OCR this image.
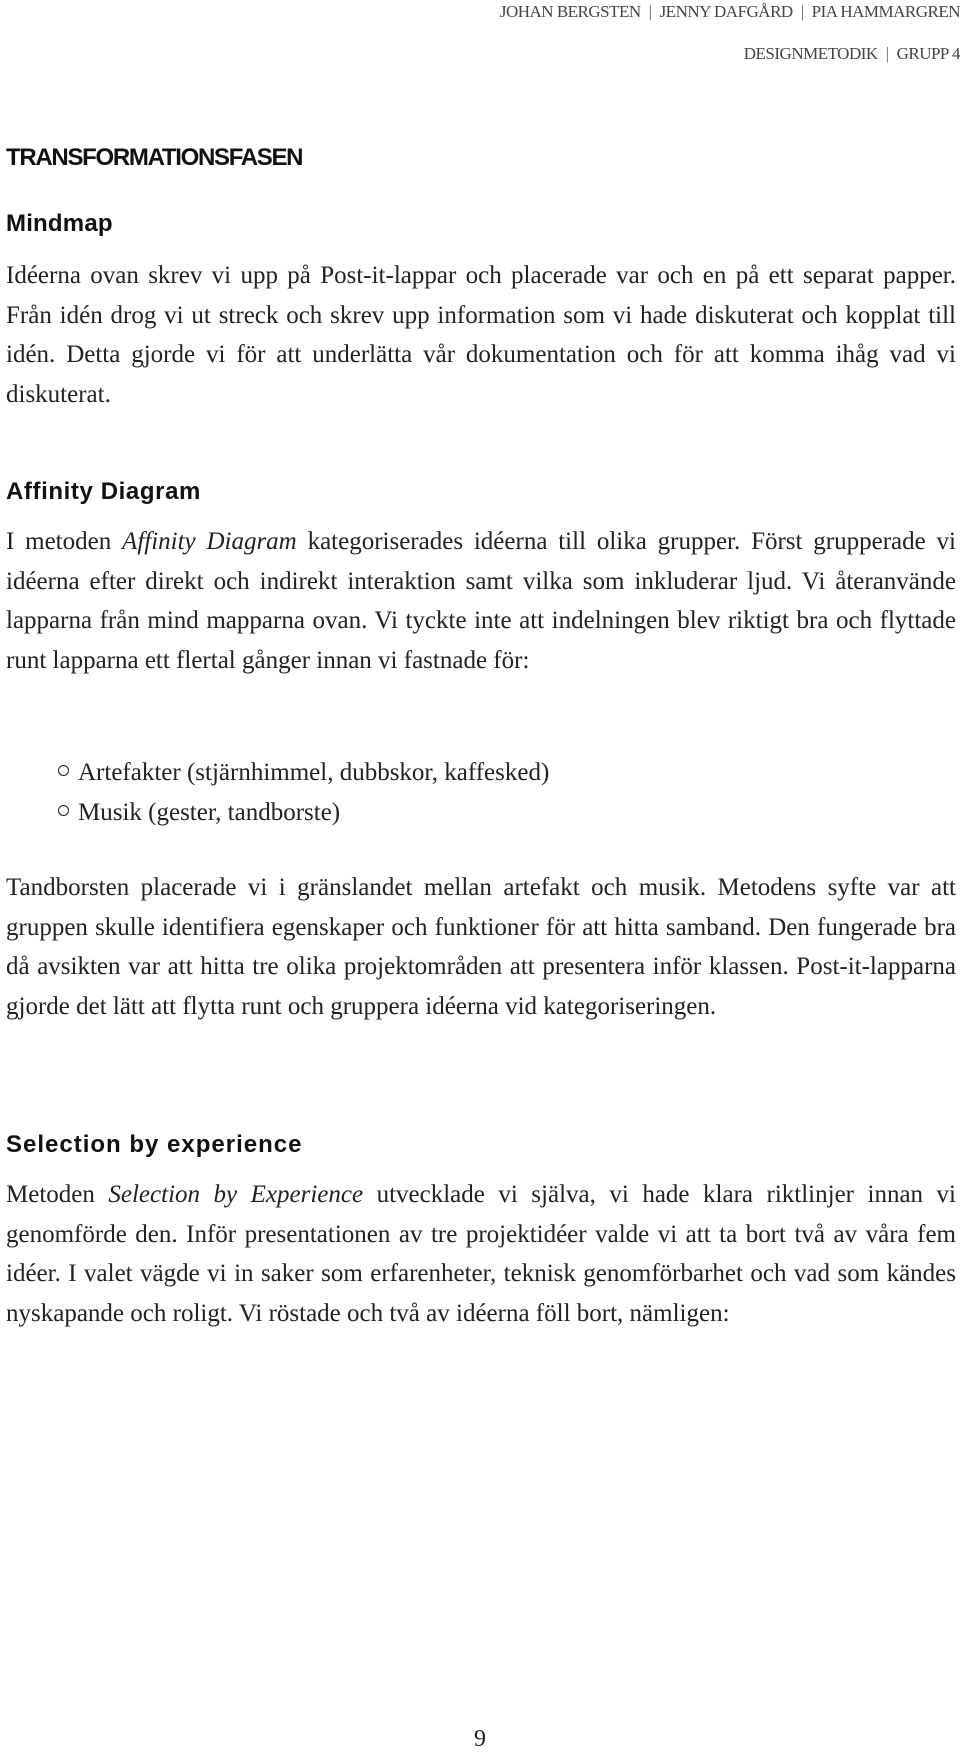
JOHAN BERGSTEN | JENNY DAFGÅRD | PIA HAMMARGREN
DESIGNMETODIK | GRUPP 4
TRANSFORMATIONSFASEN
Mindmap

Idéerna ovan skrev vi upp på Post-it-lappar och placerade var och en på ett separat papper. Från idén drog vi ut streck och skrev upp information som vi hade diskuterat och kopplat till idén. Detta gjorde vi för att underlätta vår dokumentation och för att komma ihåg vad vi diskuterat.

Affinity Diagram

I metoden Affinity Diagram kategoriserades idéerna till olika grupper. Först grupperade vi idéerna efter direkt och indirekt interaktion samt vilka som inkluderar ljud. Vi återanvände lapparna från mind mapparna ovan. Vi tyckte inte att indelningen blev riktigt bra och flyttade runt lapparna ett flertal gånger innan vi fastnade för:

Artefakter (stjärnhimmel, dubbskor, kaffesked)
Musik (gester, tandborste)

Tandborsten placerade vi i gränslandet mellan artefakt och musik. Metodens syfte var att gruppen skulle identifiera egenskaper och funktioner för att hitta samband. Den fungerade bra då avsikten var att hitta tre olika projektområden att presentera inför klassen. Post-it-lapparna gjorde det lätt att flytta runt och gruppera idéerna vid kategoriseringen.

Selection by experience

Metoden Selection by Experience utvecklade vi själva, vi hade klara riktlinjer innan vi genomförde den. Inför presentationen av tre projektidéer valde vi att ta bort två av våra fem idéer. I valet vägde vi in saker som erfarenheter, teknisk genomförbarhet och vad som kändes nyskapande och roligt. Vi röstade och två av idéerna föll bort, nämligen:

9
